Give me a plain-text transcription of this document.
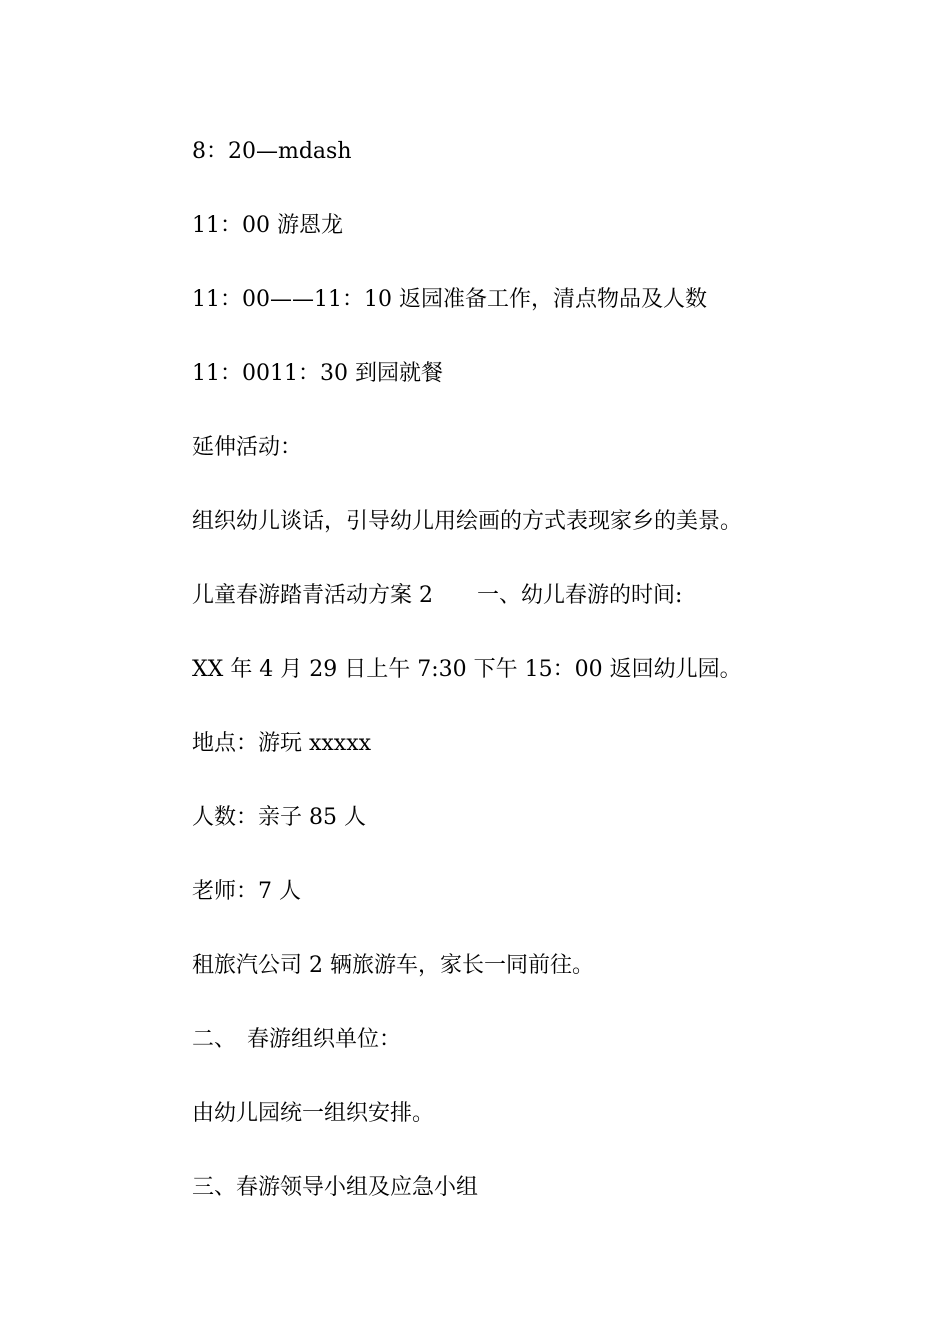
8：20—mdash

11：00 游恩龙

11：00——11：10 返园准备工作，清点物品及人数

11：0011：30 到园就餐

延伸活动：

组织幼儿谈话，引导幼儿用绘画的方式表现家乡的美景。

儿童春游踏青活动方案 2　　一、幼儿春游的时间:

XX 年 4 月 29 日上午 7:30 下午 15：00 返回幼儿园。

地点：游玩 xxxxx

人数：亲子 85 人

老师：7 人

租旅汽公司 2 辆旅游车，家长一同前往。

二、　春游组织单位：

由幼儿园统一组织安排。

三、春游领导小组及应急小组
